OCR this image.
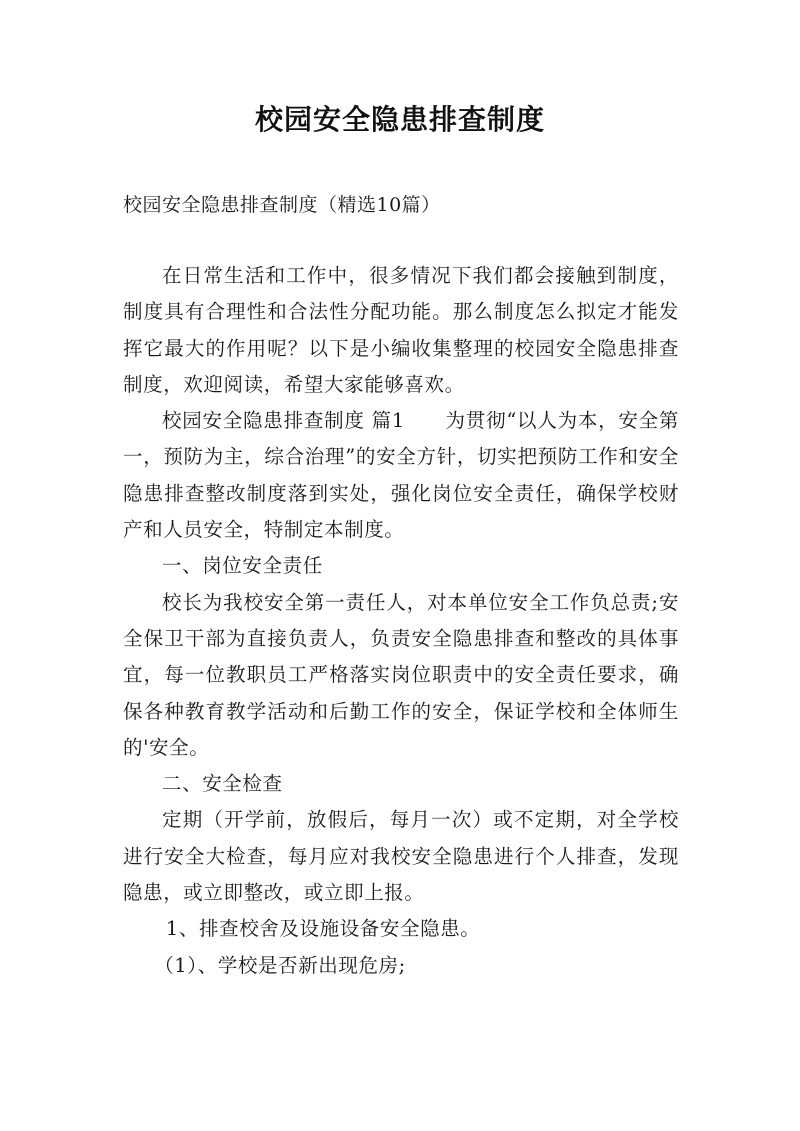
校园安全隐患排查制度
校园安全隐患排查制度（精选10篇）

在日常生活和工作中，很多情况下我们都会接触到制度，制度具有合理性和合法性分配功能。那么制度怎么拟定才能发挥它最大的作用呢？以下是小编收集整理的校园安全隐患排查制度，欢迎阅读，希望大家能够喜欢。

校园安全隐患排查制度 篇1　　为贯彻“以人为本，安全第一，预防为主，综合治理”的安全方针，切实把预防工作和安全隐患排查整改制度落到实处，强化岗位安全责任，确保学校财产和人员安全，特制定本制度。

一、岗位安全责任

校长为我校安全第一责任人，对本单位安全工作负总责;安全保卫干部为直接负责人，负责安全隐患排查和整改的具体事宜，每一位教职员工严格落实岗位职责中的安全责任要求，确保各种教育教学活动和后勤工作的安全，保证学校和全体师生的'安全。

二、安全检查

定期（开学前，放假后，每月一次）或不定期，对全学校进行安全大检查，每月应对我校安全隐患进行个人排查，发现隐患，或立即整改，或立即上报。

1、排查校舍及设施设备安全隐患。

（1）、学校是否新出现危房;
